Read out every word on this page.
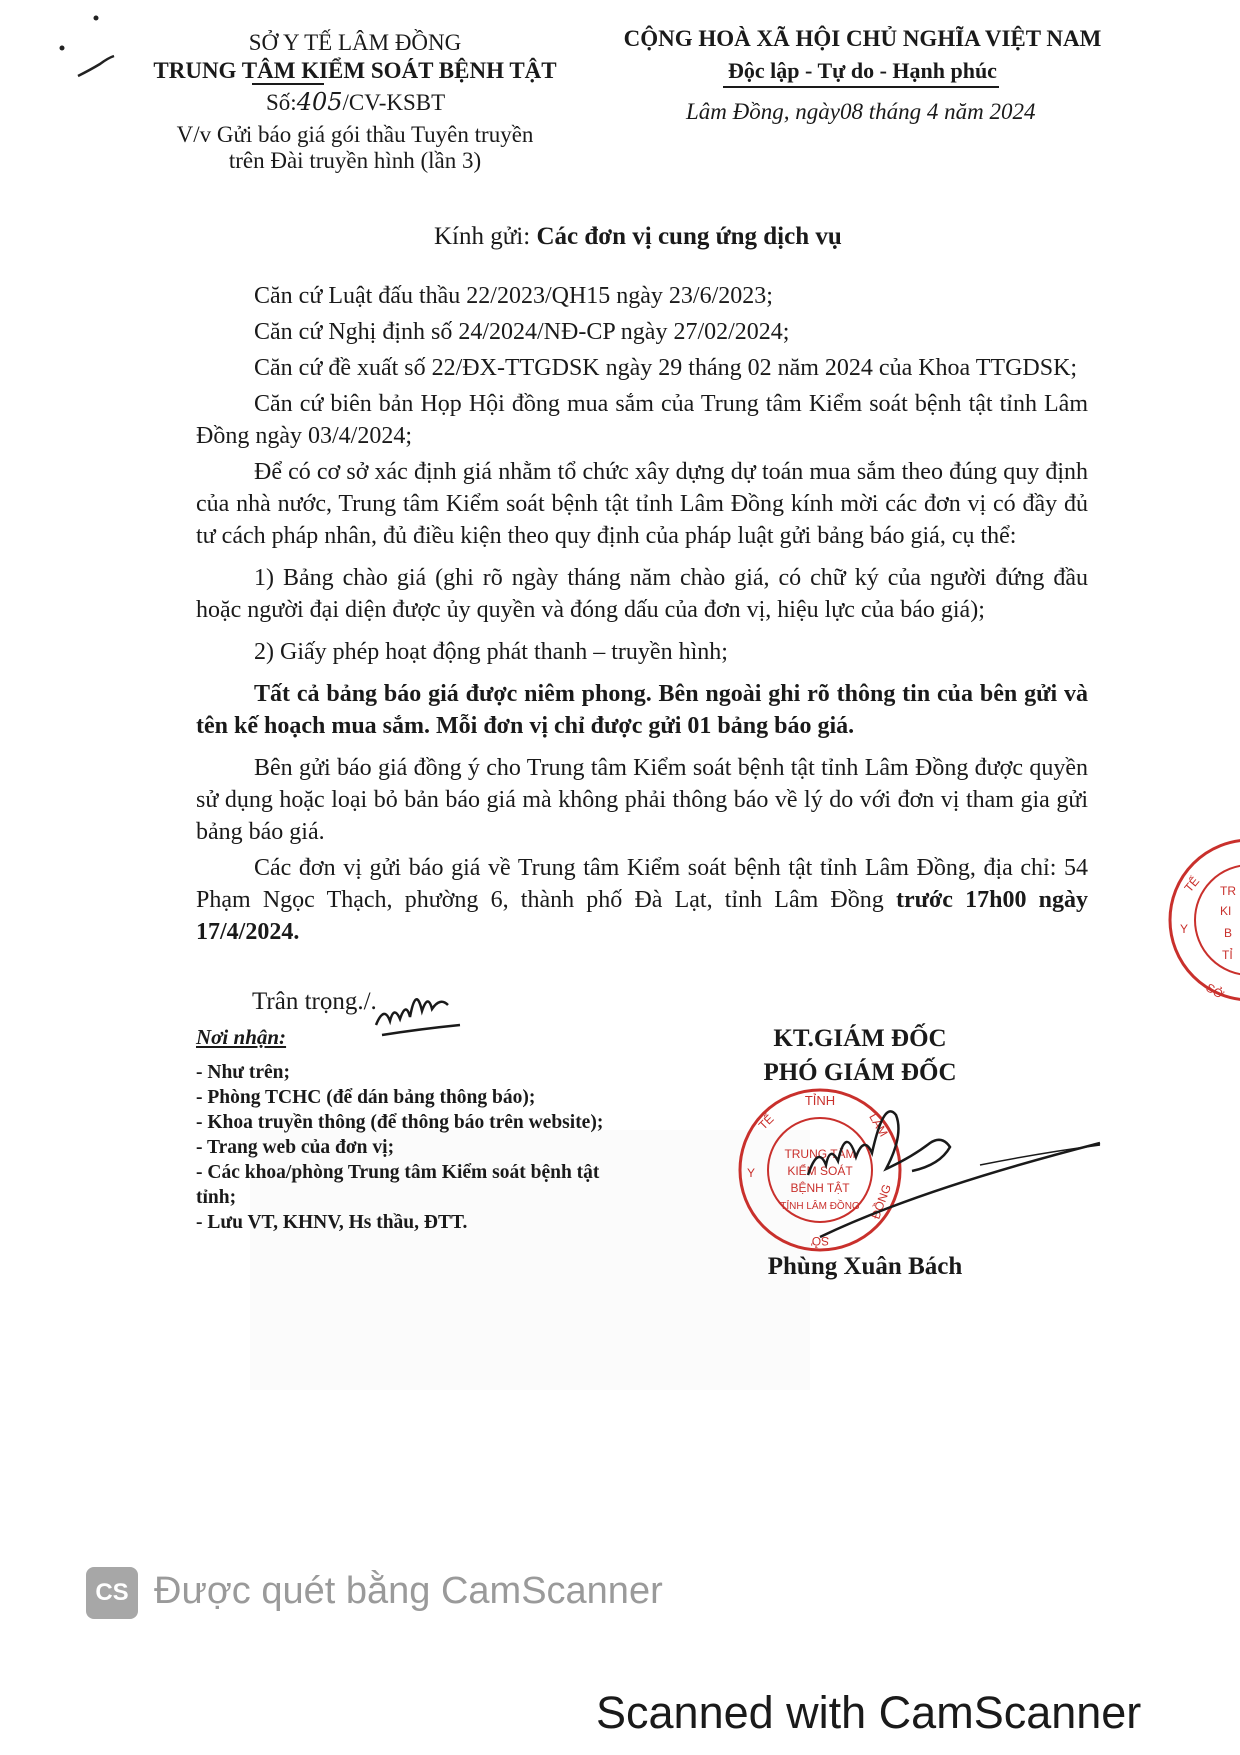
SỞ Y TẾ LÂM ĐỒNG
TRUNG TÂM KIỂM SOÁT BỆNH TẬT
Số:405/CV-KSBT
V/v Gửi báo giá gói thầu Tuyên truyền
trên Đài truyền hình (lần 3)
CỘNG HOÀ XÃ HỘI CHỦ NGHĨA VIỆT NAM
Độc lập - Tự do - Hạnh phúc
Lâm Đồng, ngày08 tháng 4 năm 2024
Kính gửi: Các đơn vị cung ứng dịch vụ
Căn cứ Luật đấu thầu 22/2023/QH15 ngày 23/6/2023;
Căn cứ Nghị định số 24/2024/NĐ-CP ngày 27/02/2024;
Căn cứ đề xuất số 22/ĐX-TTGDSK ngày 29 tháng 02 năm 2024 của Khoa TTGDSK;
Căn cứ biên bản Họp Hội đồng mua sắm của Trung tâm Kiểm soát bệnh tật tỉnh Lâm Đồng ngày 03/4/2024;
Để có cơ sở xác định giá nhằm tổ chức xây dựng dự toán mua sắm theo đúng quy định của nhà nước, Trung tâm Kiểm soát bệnh tật tỉnh Lâm Đồng kính mời các đơn vị có đầy đủ tư cách pháp nhân, đủ điều kiện theo quy định của pháp luật gửi bảng báo giá, cụ thể:
1) Bảng chào giá (ghi rõ ngày tháng năm chào giá, có chữ ký của người đứng đầu hoặc người đại diện được ủy quyền và đóng dấu của đơn vị, hiệu lực của báo giá);
2) Giấy phép hoạt động phát thanh – truyền hình;
Tất cả bảng báo giá được niêm phong. Bên ngoài ghi rõ thông tin của bên gửi và tên kế hoạch mua sắm. Mỗi đơn vị chỉ được gửi 01 bảng báo giá.
Bên gửi báo giá đồng ý cho Trung tâm Kiểm soát bệnh tật tỉnh Lâm Đồng được quyền sử dụng hoặc loại bỏ bản báo giá mà không phải thông báo về lý do với đơn vị tham gia gửi bảng báo giá.
Các đơn vị gửi báo giá về Trung tâm Kiểm soát bệnh tật tỉnh Lâm Đồng, địa chỉ: 54 Phạm Ngọc Thạch, phường 6, thành phố Đà Lạt, tỉnh Lâm Đồng trước 17h00 ngày 17/4/2024.
Trân trọng./.
Nơi nhận:
- Như trên;
- Phòng TCHC (để dán bảng thông báo);
- Khoa truyền thông (để thông báo trên website);
- Trang web của đơn vị;
- Các khoa/phòng Trung tâm Kiểm soát bệnh tật tỉnh;
- Lưu VT, KHNV, Hs thầu, ĐTT.
KT.GIÁM ĐỐC
PHÓ GIÁM ĐỐC
TỈNH
TRUNG TÂM
KIỂM SOÁT
BỆNH TẬT
TỈNH LÂM ĐỒNG
Y
TẾ	LÂM
ĐỒNG
SỞ
Phùng Xuân Bách
TẾ TR
KI
B
TỈ
Y
SỞ
CS Được quét bằng CamScanner
Scanned with CamScanner
